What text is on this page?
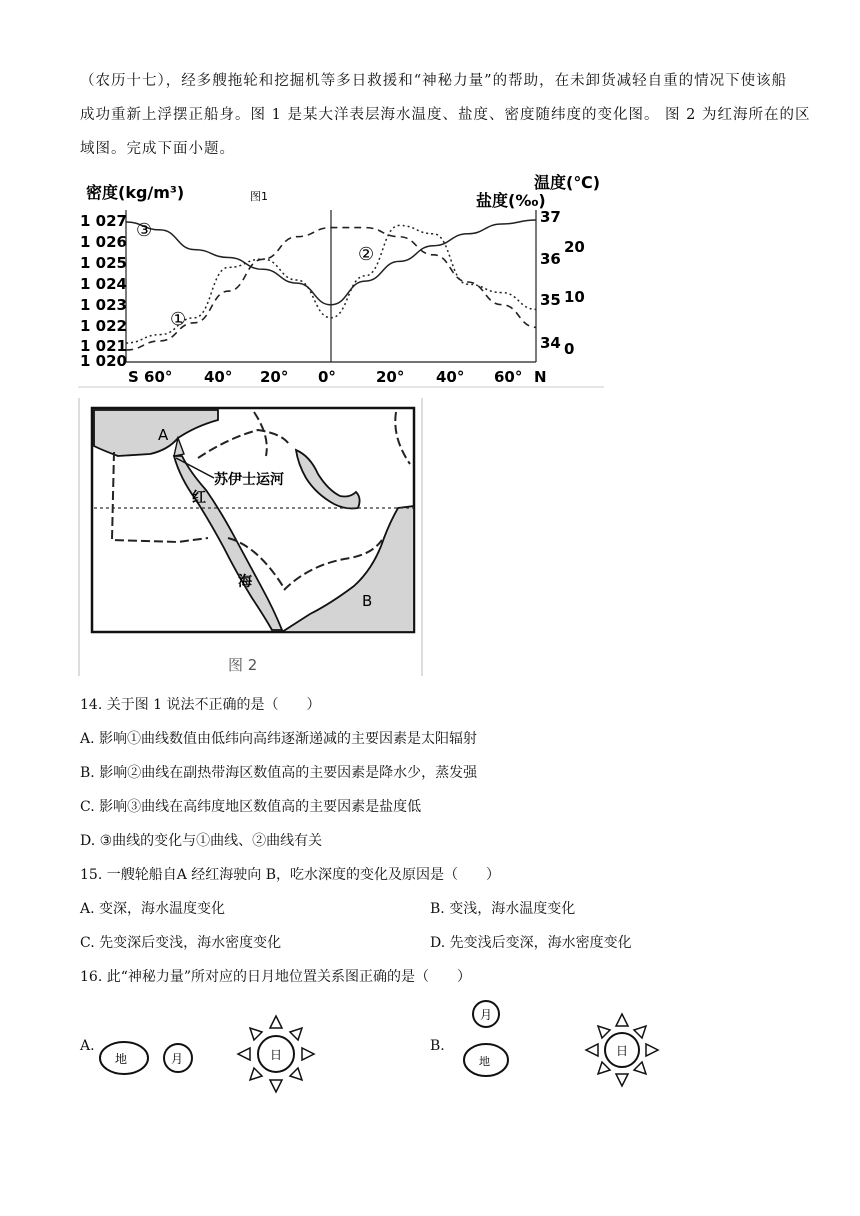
（农历十七），经多艘拖轮和挖掘机等多日救援和“神秘力量”的帮助，在未卸货减轻自重的情况下使该船
成功重新上浮摆正船身。图 1 是某大洋表层海水温度、盐度、密度随纬度的变化图。 图 2 为红海所在的区
域图。完成下面小题。
密度(kg/m³)	图1
温度(℃)
盐度(‰)
1 027
1 026
1 025
1 024
1 023
1 022
1 021
1 020
37
36
35
34
20
10
0
S 60° 40° 20° 0°	20° 40° 60° N
③
②
①
苏伊士运河
A
B
红
海
图 2
14. 关于图 1 说法不正确的是（　　）
A. 影响①曲线数值由低纬向高纬逐渐递减的主要因素是太阳辐射
B. 影响②曲线在副热带海区数值高的主要因素是降水少，蒸发强
C. 影响③曲线在高纬度地区数值高的主要因素是盐度低
D. ③曲线的变化与①曲线、②曲线有关
15. 一艘轮船自A 经红海驶向 B，吃水深度的变化及原因是（　　）
A. 变深，海水温度变化	B. 变浅，海水温度变化
C. 先变深后变浅，海水密度变化	D. 先变浅后变深，海水密度变化
16. 此“神秘力量”所对应的日月地位置关系图正确的是（　　）
A.	B.
地	月	日
月
地
日
